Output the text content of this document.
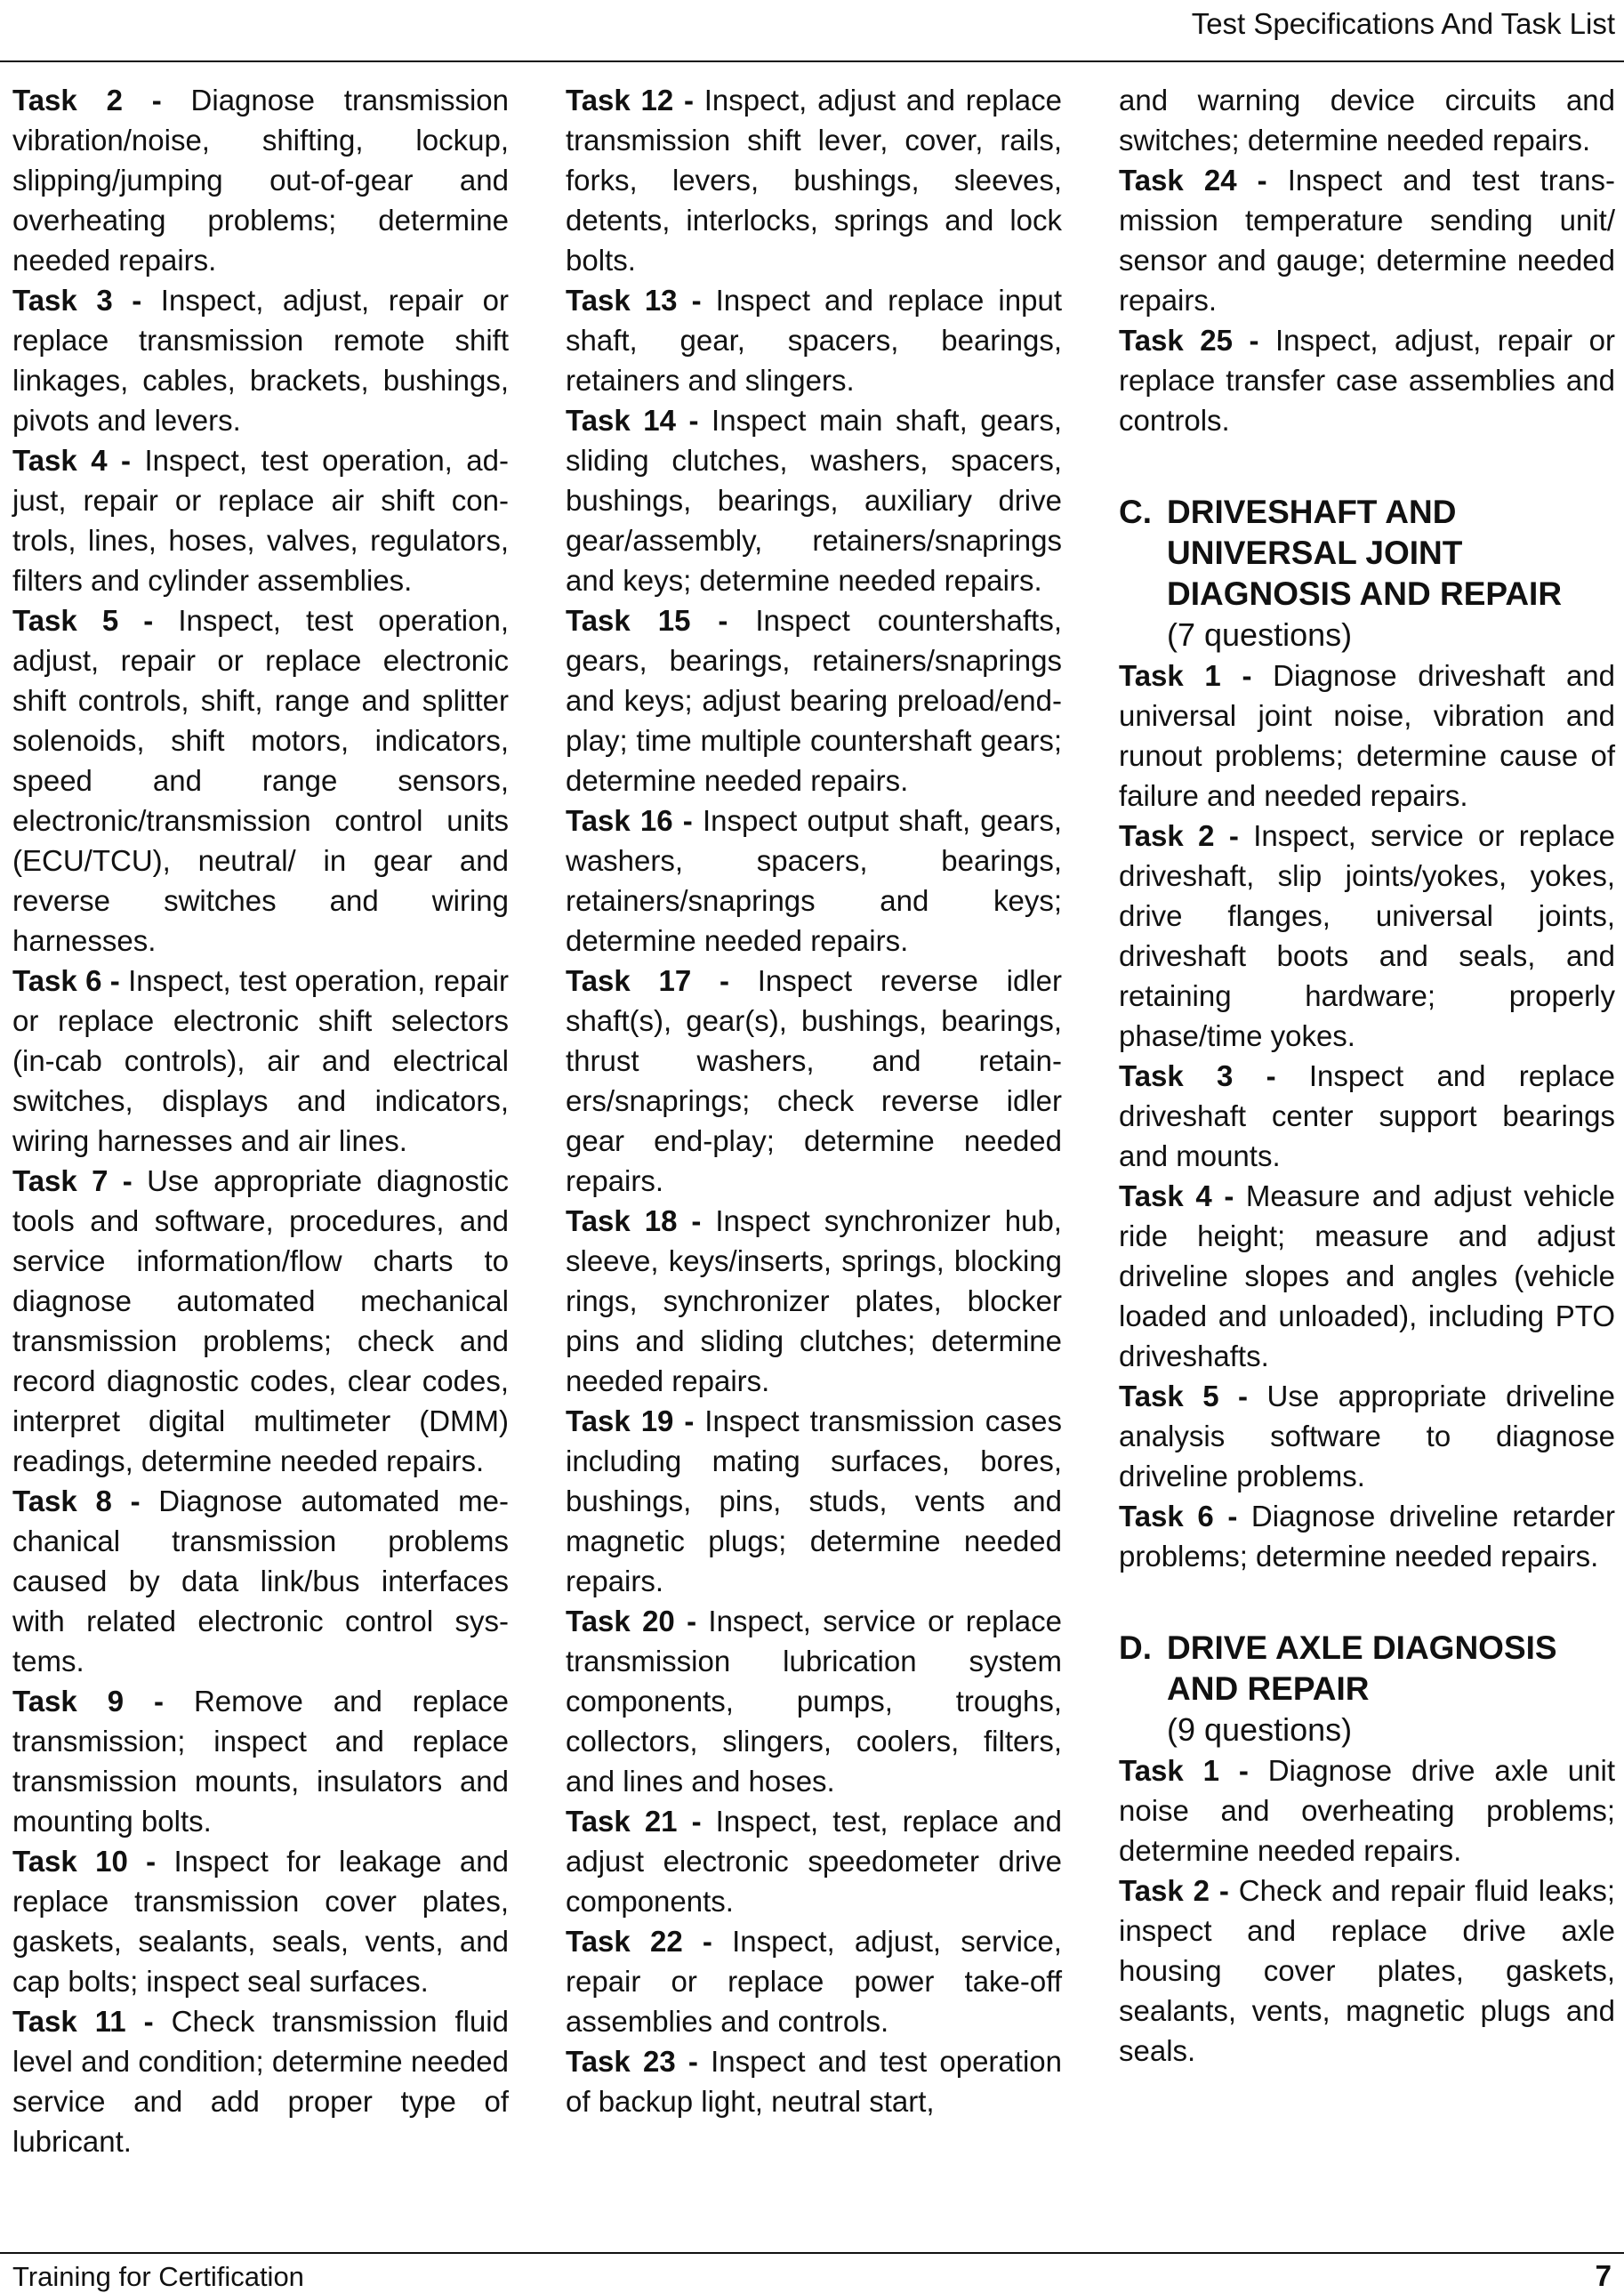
Test Specifications And Task List

Task 2 - Diagnose transmission vibration/noise, shifting, lockup, slipping/jumping out-of-gear and overheating problems; determine needed repairs.

Task 3 - Inspect, adjust, repair or replace transmission remote shift linkages, cables, brackets, bushings, pivots and levers.

Task 4 - Inspect, test operation, adjust, repair or replace air shift controls, lines, hoses, valves, regulators, filters and cylinder assemblies.

Task 5 - Inspect, test operation, adjust, repair or replace electronic shift controls, shift, range and splitter solenoids, shift motors, indicators, speed and range sensors, electronic/transmission control units (ECU/TCU), neutral/ in gear and reverse switches and wiring harnesses.

Task 6 - Inspect, test operation, repair or replace electronic shift selectors (in-cab controls), air and electrical switches, displays and indicators, wiring harnesses and air lines.

Task 7 - Use appropriate diagnostic tools and software, procedures, and service information/flow charts to diagnose automated mechanical transmission problems; check and record diagnostic codes, clear codes, interpret digital multimeter (DMM) readings, determine needed repairs.

Task 8 - Diagnose automated mechanical transmission problems caused by data link/bus interfaces with related electronic control systems.

Task 9 - Remove and replace transmission; inspect and replace transmission mounts, insulators and mounting bolts.

Task 10 - Inspect for leakage and replace transmission cover plates, gaskets, sealants, seals, vents, and cap bolts; inspect seal surfaces.

Task 11 - Check transmission fluid level and condition; determine needed service and add proper type of lubricant.

Task 12 - Inspect, adjust and replace transmission shift lever, cover, rails, forks, levers, bushings, sleeves, detents, interlocks, springs and lock bolts.

Task 13 - Inspect and replace input shaft, gear, spacers, bearings, retainers and slingers.

Task 14 - Inspect main shaft, gears, sliding clutches, washers, spacers, bushings, bearings, auxiliary drive gear/assembly, retainers/snaprings and keys; determine needed repairs.

Task 15 - Inspect countershafts, gears, bearings, retainers/snaprings and keys; adjust bearing preload/end-play; time multiple countershaft gears; determine needed repairs.

Task 16 - Inspect output shaft, gears, washers, spacers, bearings, retainers/snaprings and keys; determine needed repairs.

Task 17 - Inspect reverse idler shaft(s), gear(s), bushings, bearings, thrust washers, and retainers/snaprings; check reverse idler gear end-play; determine needed repairs.

Task 18 - Inspect synchronizer hub, sleeve, keys/inserts, springs, blocking rings, synchronizer plates, blocker pins and sliding clutches; determine needed repairs.

Task 19 - Inspect transmission cases including mating surfaces, bores, bushings, pins, studs, vents and magnetic plugs; determine needed repairs.

Task 20 - Inspect, service or replace transmission lubrication system components, pumps, troughs, collectors, slingers, coolers, filters, and lines and hoses.

Task 21 - Inspect, test, replace and adjust electronic speedometer drive components.

Task 22 - Inspect, adjust, service, repair or replace power take-off assemblies and controls.

Task 23 - Inspect and test operation of backup light, neutral start,

and warning device circuits and switches; determine needed repairs.

Task 24 - Inspect and test transmission temperature sending unit/ sensor and gauge; determine needed repairs.

Task 25 - Inspect, adjust, repair or replace transfer case assemblies and controls.

C. DRIVESHAFT AND UNIVERSAL JOINT DIAGNOSIS AND REPAIR
(7 questions)

Task 1 - Diagnose driveshaft and universal joint noise, vibration and runout problems; determine cause of failure and needed repairs.

Task 2 - Inspect, service or replace driveshaft, slip joints/yokes, yokes, drive flanges, universal joints, driveshaft boots and seals, and retaining hardware; properly phase/time yokes.

Task 3 - Inspect and replace driveshaft center support bearings and mounts.

Task 4 - Measure and adjust vehicle ride height; measure and adjust driveline slopes and angles (vehicle loaded and unloaded), including PTO driveshafts.

Task 5 - Use appropriate driveline analysis software to diagnose driveline problems.

Task 6 - Diagnose driveline retarder problems; determine needed repairs.

D. DRIVE AXLE DIAGNOSIS AND REPAIR
(9 questions)

Task 1 - Diagnose drive axle unit noise and overheating problems; determine needed repairs.

Task 2 - Check and repair fluid leaks; inspect and replace drive axle housing cover plates, gaskets, sealants, vents, magnetic plugs and seals.

Training for Certification	7
